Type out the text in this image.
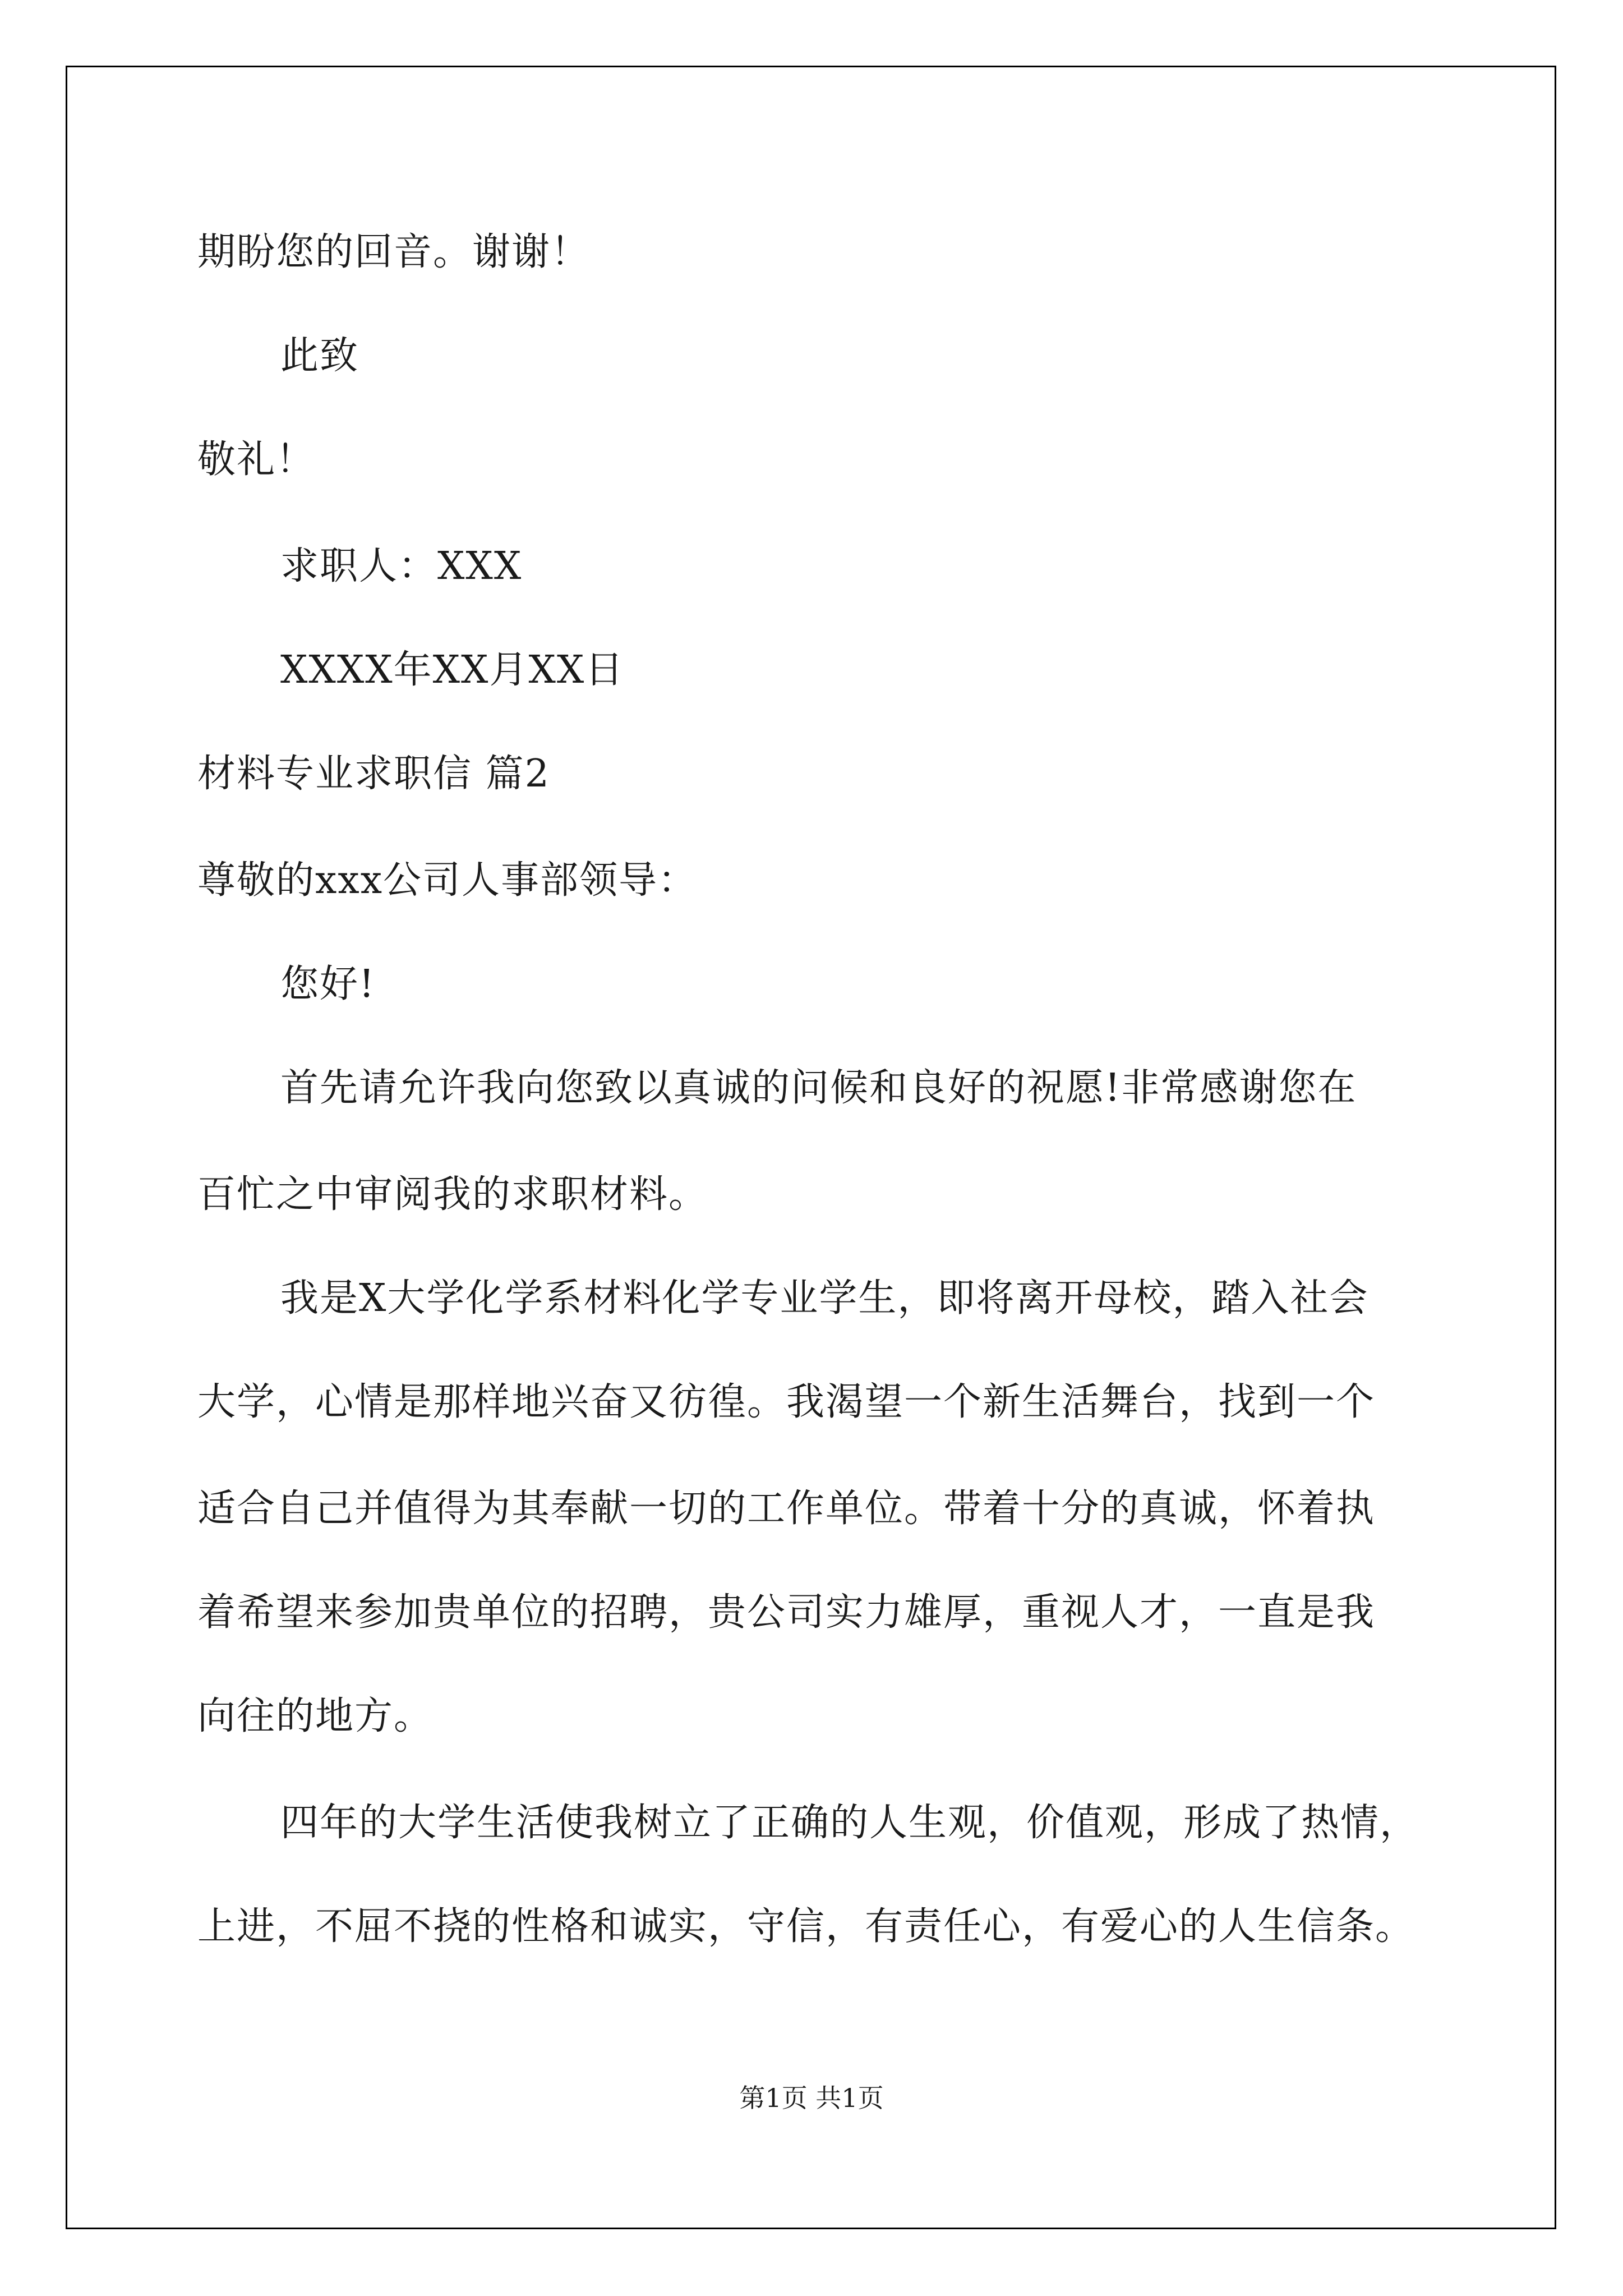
期盼您的回音。谢谢！
此致
敬礼！
求职人：XXX
XXXX年XX月XX日
材料专业求职信 篇2
尊敬的xxx公司人事部领导：
您好!
首先请允许我向您致以真诚的问候和良好的祝愿!非常感谢您在
百忙之中审阅我的求职材料。
我是X大学化学系材料化学专业学生，即将离开母校，踏入社会
大学，心情是那样地兴奋又彷徨。我渴望一个新生活舞台，找到一个
适合自己并值得为其奉献一切的工作单位。带着十分的真诚，怀着执
着希望来参加贵单位的招聘，贵公司实力雄厚，重视人才，一直是我
向往的地方。
四年的大学生活使我树立了正确的人生观，价值观，形成了热情，
上进，不屈不挠的性格和诚实，守信，有责任心，有爱心的人生信条。
第1页 共1页
